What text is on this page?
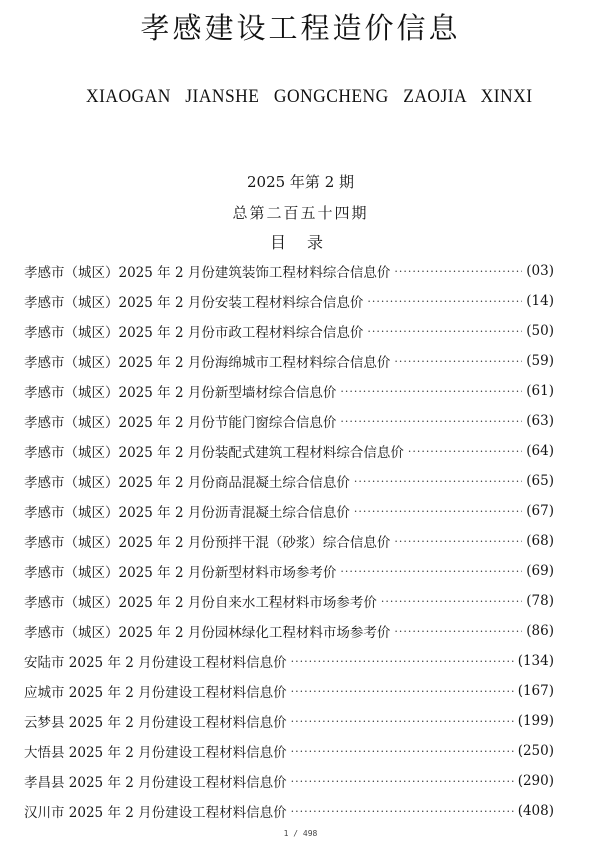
孝感建设工程造价信息
XIAOGAN   JIANSHE   GONGCHENG   ZAOJIA   XINXI
2025 年第 2 期
总第二百五十四期
目 录
孝感市（城区）2025 年 2 月份建筑装饰工程材料综合信息价 ·····	(03)
孝感市（城区）2025 年 2 月份安装工程材料综合信息价 ·····	(14)
孝感市（城区）2025 年 2 月份市政工程材料综合信息价 ·····	(50)
孝感市（城区）2025 年 2 月份海绵城市工程材料综合信息价 ·····	(59)
孝感市（城区）2025 年 2 月份新型墙材综合信息价 ·····	(61)
孝感市（城区）2025 年 2 月份节能门窗综合信息价 ·····	(63)
孝感市（城区）2025 年 2 月份装配式建筑工程材料综合信息价 ·····	(64)
孝感市（城区）2025 年 2 月份商品混凝土综合信息价 ·····	(65)
孝感市（城区）2025 年 2 月份沥青混凝土综合信息价 ·····	(67)
孝感市（城区）2025 年 2 月份预拌干混（砂浆）综合信息价 ·····	(68)
孝感市（城区）2025 年 2 月份新型材料市场参考价 ·····	(69)
孝感市（城区）2025 年 2 月份自来水工程材料市场参考价 ·····	(78)
孝感市（城区）2025 年 2 月份园林绿化工程材料市场参考价 ·····	(86)
安陆市 2025 年 2 月份建设工程材料信息价 ·····	(134)
应城市 2025 年 2 月份建设工程材料信息价 ·····	(167)
云梦县 2025 年 2 月份建设工程材料信息价 ·····	(199)
大悟县 2025 年 2 月份建设工程材料信息价 ·····	(250)
孝昌县 2025 年 2 月份建设工程材料信息价 ·····	(290)
汉川市 2025 年 2 月份建设工程材料信息价 ·····	(408)
1 / 498
